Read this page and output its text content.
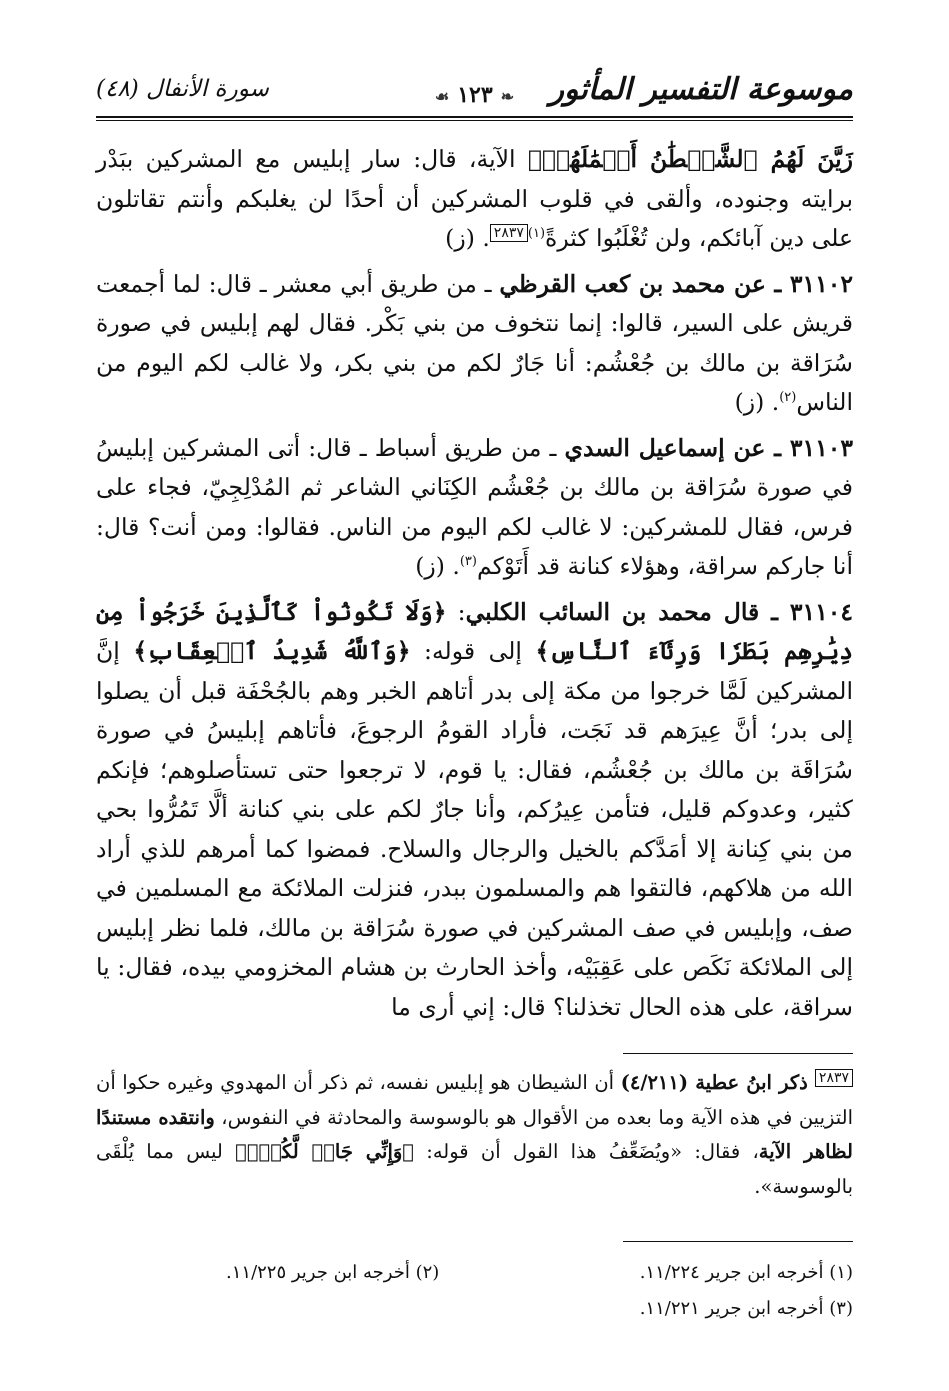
موسوعة التفسير المأثور
❧١٢٣☙
سورة الأنفال (٤٨)

زَيَّنَ لَهُمُ ٱلشَّيۡطَٰنُ أَعۡمَٰلَهُمۡ﴾ الآية، قال: سار إبليس مع المشركين ببَدْر برايته وجنوده، وألقى في قلوب المشركين أن أحدًا لن يغلبكم وأنتم تقاتلون على دين آبائكم، ولن تُغْلَبُوا كثرةً$^{(١)٢٨٣٧}$. (ز)

٣١١٠٢ ـ عن محمد بن كعب القرظي ـ من طريق أبي معشر ـ قال: لما أجمعت قريش على السير، قالوا: إنما نتخوف من بني بَكْر. فقال لهم إبليس في صورة سُرَاقة بن مالك بن جُعْشُم: أنا جَارٌ لكم من بني بكر، ولا غالب لكم اليوم من الناس$^{(٢)}$. (ز)

٣١١٠٣ ـ عن إسماعيل السدي ـ من طريق أسباط ـ قال: أتى المشركين إبليسُ في صورة سُرَاقة بن مالك بن جُعْشُم الكِنَاني الشاعر ثم المُدْلِجِيّ، فجاء على فرس، فقال للمشركين: لا غالب لكم اليوم من الناس. فقالوا: ومن أنت؟ قال: أنا جاركم سراقة، وهؤلاء كنانة قد أَتَوْكم$^{(٣)}$. (ز)

٣١١٠٤ ـ قال محمد بن السائب الكلبي: ﴿وَلَا تَكُونُواْ كَٱلَّذِينَ خَرَجُواْ مِن دِيَٰرِهِم بَطَرٗا وَرِئَآءَ ٱلنَّاسِ﴾ إلى قوله: ﴿وَٱللَّهُ شَدِيدُ ٱلۡعِقَابِ﴾ إنَّ المشركين لَمَّا خرجوا من مكة إلى بدر أتاهم الخبر وهم بالجُحْفَة قبل أن يصلوا إلى بدر؛ أنَّ عِيرَهم قد نَجَت، فأراد القومُ الرجوعَ، فأتاهم إبليسُ في صورة سُرَاقَة بن مالك بن جُعْشُم، فقال: يا قوم، لا ترجعوا حتى تستأصلوهم؛ فإنكم كثير، وعدوكم قليل، فتأمن عِيرُكم، وأنا جارٌ لكم على بني كنانة ألَّا تَمُرُّوا بحي من بني كِنانة إلا أمَدَّكم بالخيل والرجال والسلاح. فمضوا كما أمرهم للذي أراد الله من هلاكهم، فالتقوا هم والمسلمون ببدر، فنزلت الملائكة مع المسلمين في صف، وإبليس في صف المشركين في صورة سُرَاقة بن مالك، فلما نظر إبليس إلى الملائكة نَكَص على عَقِبَيْه، وأخذ الحارث بن هشام المخزومي بيده، فقال: يا سراقة، على هذه الحال تخذلنا؟ قال: إني أرى ما

$^{٢٨٣٧}$ ذكر ابنُ عطية (٤/٢١١) أن الشيطان هو إبليس نفسه، ثم ذكر أن المهدوي وغيره حكوا أن التزيين في هذه الآية وما بعده من الأقوال هو بالوسوسة والمحادثة في النفوس، وانتقده مستندًا لظاهر الآية، فقال: «ويُضَعِّفُ هذا القول أن قوله: ﴿وَإِنِّي جَارٞ لَّكُمۡۖ﴾ ليس مما يُلْقَى بالوسوسة».
(١) أخرجه ابن جرير ١١/٢٢٤.
(٢) أخرجه ابن جرير ١١/٢٢٥.
(٣) أخرجه ابن جرير ١١/٢٢١.
